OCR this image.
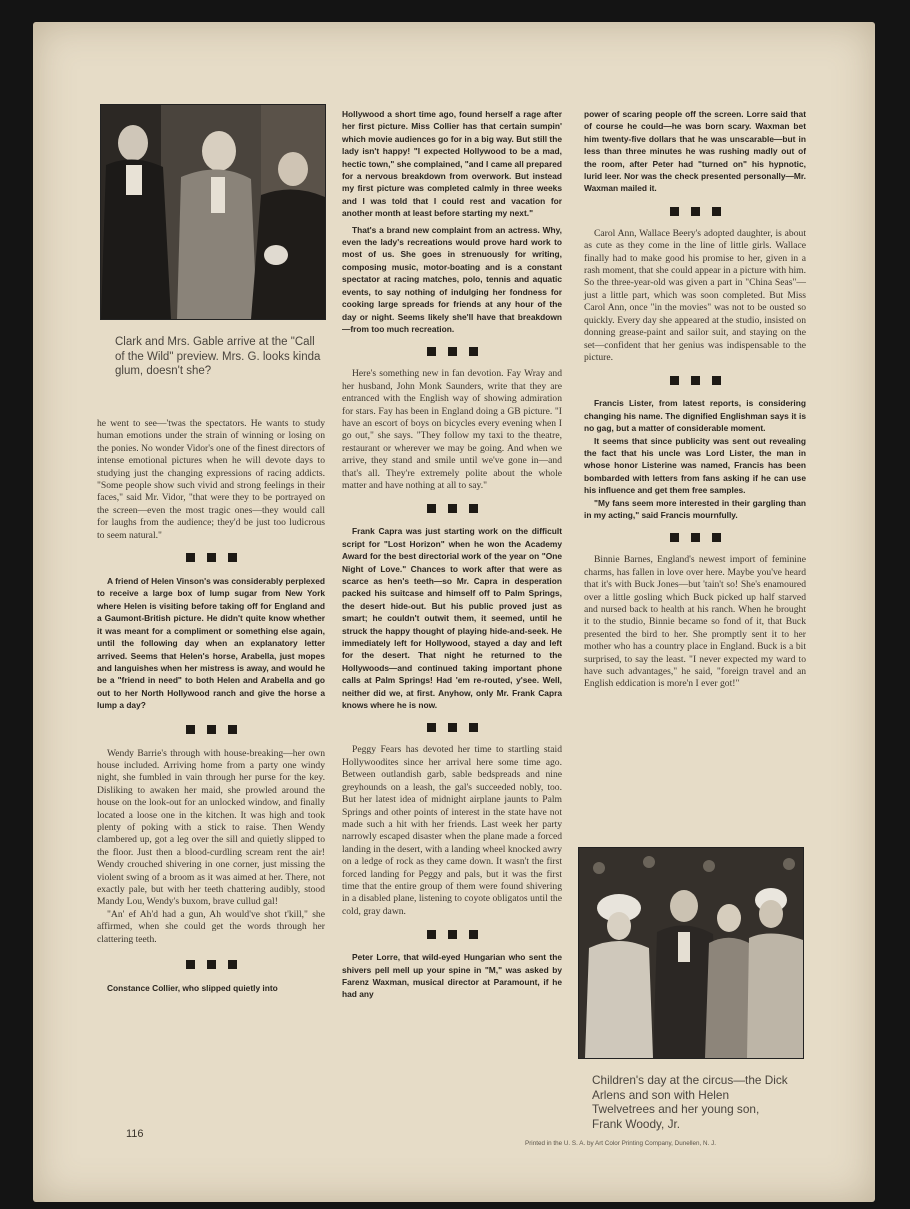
Clark and Mrs. Gable arrive at the "Call of the Wild" preview. Mrs. G. looks kinda glum, doesn't she?

he went to see—'twas the spectators. He wants to study human emotions under the strain of winning or losing on the ponies. No wonder Vidor's one of the finest directors of intense emotional pictures when he will devote days to studying just the changing expressions of racing addicts. "Some people show such vivid and strong feelings in their faces," said Mr. Vidor, "that were they to be portrayed on the screen—even the most tragic ones—they would call for laughs from the audience; they'd be just too ludicrous to seem natural."

A friend of Helen Vinson's was considerably perplexed to receive a large box of lump sugar from New York where Helen is visiting before taking off for England and a Gaumont-British picture. He didn't quite know whether it was meant for a compliment or something else again, until the following day when an explanatory letter arrived. Seems that Helen's horse, Arabella, just mopes and languishes when her mistress is away, and would he be a "friend in need" to both Helen and Arabella and go out to her North Hollywood ranch and give the horse a lump a day?

Wendy Barrie's through with house-breaking—her own house included. Arriving home from a party one windy night, she fumbled in vain through her purse for the key. Disliking to awaken her maid, she prowled around the house on the look-out for an unlocked window, and finally located a loose one in the kitchen. It was high and took plenty of poking with a stick to raise. Then Wendy clambered up, got a leg over the sill and quietly slipped to the floor. Just then a blood-curdling scream rent the air! Wendy crouched shivering in one corner, just missing the violent swing of a broom as it was aimed at her. There, not exactly pale, but with her teeth chattering audibly, stood Mandy Lou, Wendy's buxom, brave cullud gal!

"An' ef Ah'd had a gun, Ah would've shot t'kill," she affirmed, when she could get the words through her clattering teeth.

Constance Collier, who slipped quietly into

Hollywood a short time ago, found herself a rage after her first picture. Miss Collier has that certain sumpin' which movie audiences go for in a big way. But still the lady isn't happy! "I expected Hollywood to be a mad, hectic town," she complained, "and I came all prepared for a nervous breakdown from overwork. But instead my first picture was completed calmly in three weeks and I was told that I could rest and vacation for another month at least before starting my next."

That's a brand new complaint from an actress. Why, even the lady's recreations would prove hard work to most of us. She goes in strenuously for writing, composing music, motor-boating and is a constant spectator at racing matches, polo, tennis and aquatic events, to say nothing of indulging her fondness for cooking large spreads for friends at any hour of the day or night. Seems likely she'll have that breakdown—from too much recreation.

Here's something new in fan devotion. Fay Wray and her husband, John Monk Saunders, write that they are entranced with the English way of showing admiration for stars. Fay has been in England doing a GB picture. "I have an escort of boys on bicycles every evening when I go out," she says. "They follow my taxi to the theatre, restaurant or wherever we may be going. And when we arrive, they stand and smile until we've gone in—and that's all. They're extremely polite about the whole matter and have nothing at all to say."

Frank Capra was just starting work on the difficult script for "Lost Horizon" when he won the Academy Award for the best directorial work of the year on "One Night of Love." Chances to work after that were as scarce as hen's teeth—so Mr. Capra in desperation packed his suitcase and himself off to Palm Springs, the desert hide-out. But his public proved just as smart; he couldn't outwit them, it seemed, until he struck the happy thought of playing hide-and-seek. He immediately left for Hollywood, stayed a day and left for the desert. That night he returned to the Hollywoods—and continued taking important phone calls at Palm Springs! Had 'em re-routed, y'see. Well, neither did we, at first. Anyhow, only Mr. Frank Capra knows where he is now.

Peggy Fears has devoted her time to startling staid Hollywoodites since her arrival here some time ago. Between outlandish garb, sable bedspreads and nine greyhounds on a leash, the gal's succeeded nobly, too. But her latest idea of midnight airplane jaunts to Palm Springs and other points of interest in the state have not made such a hit with her friends. Last week her party narrowly escaped disaster when the plane made a forced landing in the desert, with a landing wheel knocked awry on a ledge of rock as they came down. It wasn't the first forced landing for Peggy and pals, but it was the first time that the entire group of them were found shivering in a disabled plane, listening to coyote obligatos until the cold, gray dawn.

Peter Lorre, that wild-eyed Hungarian who sent the shivers pell mell up your spine in "M," was asked by Farenz Waxman, musical director at Paramount, if he had any

power of scaring people off the screen. Lorre said that of course he could—he was born scary. Waxman bet him twenty-five dollars that he was unscarable—but in less than three minutes he was rushing madly out of the room, after Peter had "turned on" his hypnotic, lurid leer. Nor was the check presented personally—Mr. Waxman mailed it.

Carol Ann, Wallace Beery's adopted daughter, is about as cute as they come in the line of little girls. Wallace finally had to make good his promise to her, given in a rash moment, that she could appear in a picture with him. So the three-year-old was given a part in "China Seas"—just a little part, which was soon completed. But Miss Carol Ann, once "in the movies" was not to be ousted so quickly. Every day she appeared at the studio, insisted on donning grease-paint and sailor suit, and staying on the set—confident that her genius was indispensable to the picture.

Francis Lister, from latest reports, is considering changing his name. The dignified Englishman says it is no gag, but a matter of considerable moment.

It seems that since publicity was sent out revealing the fact that his uncle was Lord Lister, the man in whose honor Listerine was named, Francis has been bombarded with letters from fans asking if he can use his influence and get them free samples.

"My fans seem more interested in their gargling than in my acting," said Francis mournfully.

Binnie Barnes, England's newest import of feminine charms, has fallen in love over here. Maybe you've heard that it's with Buck Jones—but 'tain't so! She's enamoured over a little gosling which Buck picked up half starved and nursed back to health at his ranch. When he brought it to the studio, Binnie became so fond of it, that Buck presented the bird to her. She promptly sent it to her mother who has a country place in England. Buck is a bit surprised, to say the least. "I never expected my ward to have such advantages," he said, "foreign travel and an English eddication is more'n I ever got!"

Children's day at the circus—the Dick Arlens and son with Helen Twelvetrees and her young son, Frank Woody, Jr.
116
Printed in the U. S. A. by Art Color Printing Company, Dunellen, N. J.
